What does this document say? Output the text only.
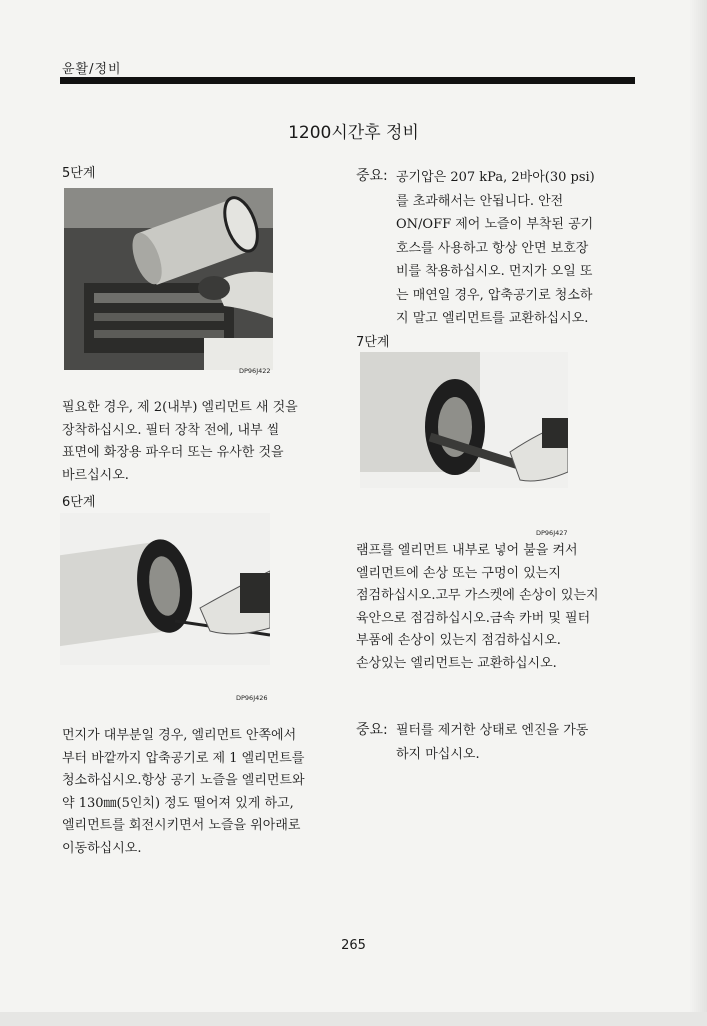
윤활/정비
1200시간후 정비
5단계
DP96J422
필요한 경우, 제 2(내부) 엘리먼트 새 것을
장착하십시오. 필터 장착 전에, 내부 씰
표면에 화장용 파우더 또는 유사한 것을
바르십시오.
6단계
DP96J426
먼지가 대부분일 경우, 엘리먼트 안쪽에서
부터 바깥까지 압축공기로 제 1 엘리먼트를
청소하십시오.항상 공기 노즐을 엘리먼트와
약 130㎜(5인치) 정도 떨어져 있게 하고,
엘리먼트를 회전시키면서 노즐을 위아래로
이동하십시오.
중요: 공기압은 207 kPa, 2바아(30 psi)
를 초과해서는 안됩니다. 안전
ON/OFF 제어 노즐이 부착된 공기
호스를 사용하고 항상 안면 보호장
비를 착용하십시오. 먼지가 오일 또
는 매연일 경우, 압축공기로 청소하
지 말고 엘리먼트를 교환하십시오.
7단계
DP96J427
램프를 엘리먼트 내부로 넣어 불을 켜서
엘리먼트에 손상 또는 구멍이 있는지
점검하십시오.고무 가스켓에 손상이 있는지
육안으로 점검하십시오.금속 카버 및 필터
부품에 손상이 있는지 점검하십시오.
손상있는 엘리먼트는 교환하십시오.
중요: 필터를 제거한 상태로 엔진을 가동
하지 마십시오.
265
